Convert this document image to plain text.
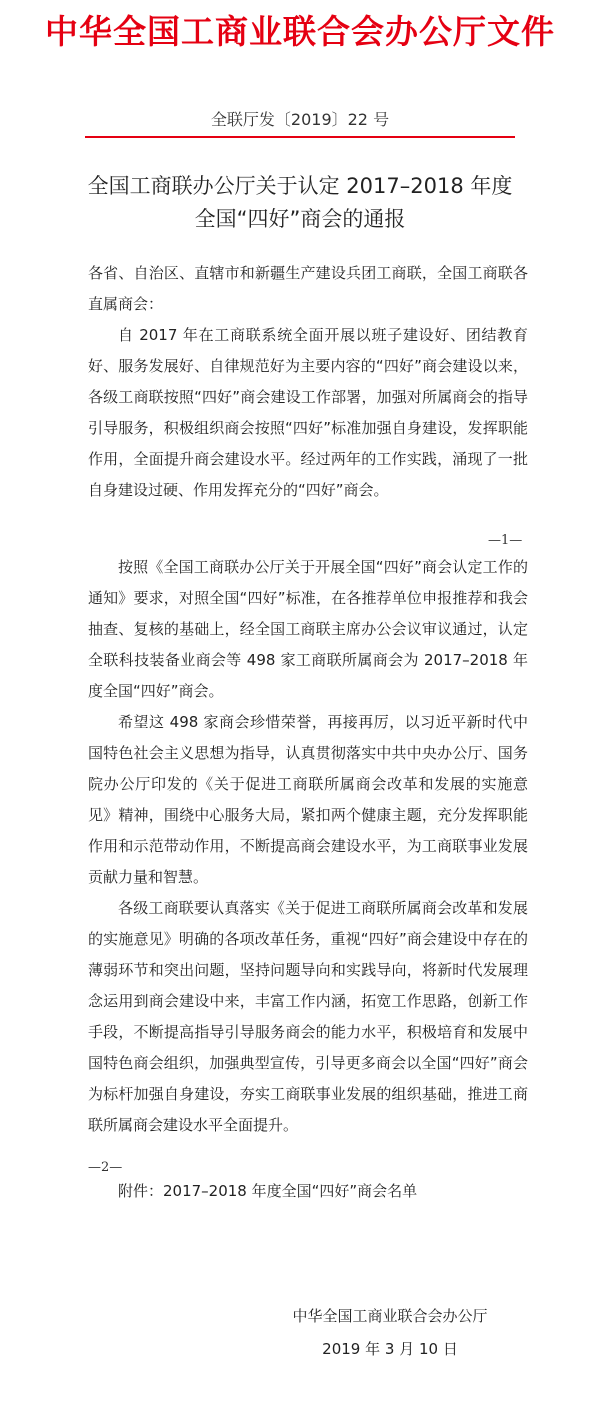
中华全国工商业联合会办公厅文件
全联厅发〔2019〕22 号
全国工商联办公厅关于认定 2017–2018 年度
全国“四好”商会的通报

各省、自治区、直辖市和新疆生产建设兵团工商联，全国工商联各直属商会：

自 2017 年在工商联系统全面开展以班子建设好、团结教育好、服务发展好、自律规范好为主要内容的“四好”商会建设以来，各级工商联按照“四好”商会建设工作部署，加强对所属商会的指导引导服务，积极组织商会按照“四好”标准加强自身建设，发挥职能作用，全面提升商会建设水平。经过两年的工作实践，涌现了一批自身建设过硬、作用发挥充分的“四好”商会。

—1—

按照《全国工商联办公厅关于开展全国“四好”商会认定工作的通知》要求，对照全国“四好”标准，在各推荐单位申报推荐和我会抽查、复核的基础上，经全国工商联主席办公会议审议通过，认定全联科技装备业商会等 498 家工商联所属商会为 2017–2018 年度全国“四好”商会。

希望这 498 家商会珍惜荣誉，再接再厉，以习近平新时代中国特色社会主义思想为指导，认真贯彻落实中共中央办公厅、国务院办公厅印发的《关于促进工商联所属商会改革和发展的实施意见》精神，围绕中心服务大局，紧扣两个健康主题，充分发挥职能作用和示范带动作用，不断提高商会建设水平，为工商联事业发展贡献力量和智慧。

各级工商联要认真落实《关于促进工商联所属商会改革和发展的实施意见》明确的各项改革任务，重视“四好”商会建设中存在的薄弱环节和突出问题，坚持问题导向和实践导向，将新时代发展理念运用到商会建设中来，丰富工作内涵，拓宽工作思路，创新工作手段，不断提高指导引导服务商会的能力水平，积极培育和发展中国特色商会组织，加强典型宣传，引导更多商会以全国“四好”商会为标杆加强自身建设，夯实工商联事业发展的组织基础，推进工商联所属商会建设水平全面提升。

—2—
附件：2017–2018 年度全国“四好”商会名单
中华全国工商业联合会办公厅
2019 年 3 月 10 日
